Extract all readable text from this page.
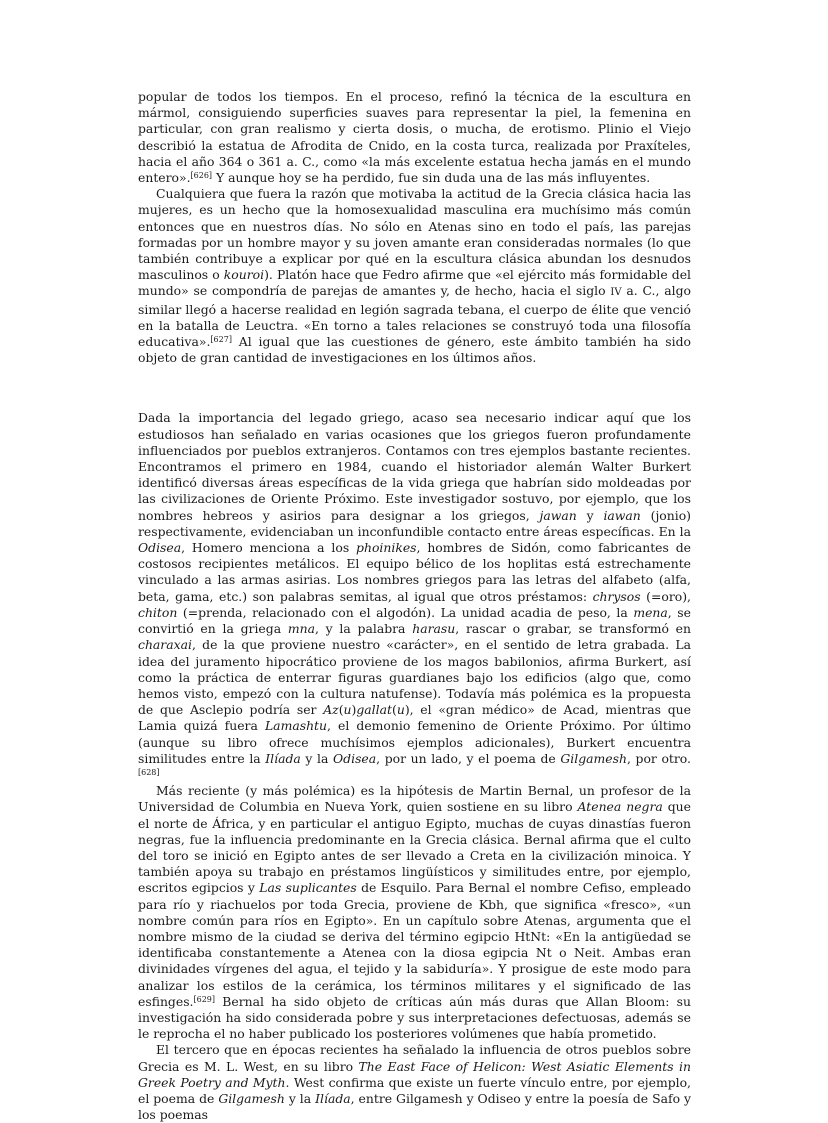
popular de todos los tiempos. En el proceso, refinó la técnica de la escultura en mármol, consiguiendo superficies suaves para representar la piel, la femenina en particular, con gran realismo y cierta dosis, o mucha, de erotismo. Plinio el Viejo describió la estatua de Afrodita de Cnido, en la costa turca, realizada por Praxíteles, hacia el año 364 o 361 a. C., como «la más excelente estatua hecha jamás en el mundo entero».[626] Y aunque hoy se ha perdido, fue sin duda una de las más influyentes.

Cualquiera que fuera la razón que motivaba la actitud de la Grecia clásica hacia las mujeres, es un hecho que la homosexualidad masculina era muchísimo más común entonces que en nuestros días. No sólo en Atenas sino en todo el país, las parejas formadas por un hombre mayor y su joven amante eran consideradas normales (lo que también contribuye a explicar por qué en la escultura clásica abundan los desnudos masculinos o kouroi). Platón hace que Fedro afirme que «el ejército más formidable del mundo» se compondría de parejas de amantes y, de hecho, hacia el siglo IV a. C., algo similar llegó a hacerse realidad en legión sagrada tebana, el cuerpo de élite que venció en la batalla de Leuctra. «En torno a tales relaciones se construyó toda una filosofía educativa».[627] Al igual que las cuestiones de género, este ámbito también ha sido objeto de gran cantidad de investigaciones en los últimos años.

Dada la importancia del legado griego, acaso sea necesario indicar aquí que los estudiosos han señalado en varias ocasiones que los griegos fueron profundamente influenciados por pueblos extranjeros. Contamos con tres ejemplos bastante recientes. Encontramos el primero en 1984, cuando el historiador alemán Walter Burkert identificó diversas áreas específicas de la vida griega que habrían sido moldeadas por las civilizaciones de Oriente Próximo. Este investigador sostuvo, por ejemplo, que los nombres hebreos y asirios para designar a los griegos, jawan y iawan (jonio) respectivamente, evidenciaban un inconfundible contacto entre áreas específicas. En la Odisea, Homero menciona a los phoinikes, hombres de Sidón, como fabricantes de costosos recipientes metálicos. El equipo bélico de los hoplitas está estrechamente vinculado a las armas asirias. Los nombres griegos para las letras del alfabeto (alfa, beta, gama, etc.) son palabras semitas, al igual que otros préstamos: chrysos (=oro), chiton (=prenda, relacionado con el algodón). La unidad acadia de peso, la mena, se convirtió en la griega mna, y la palabra harasu, rascar o grabar, se transformó en charaxai, de la que proviene nuestro «carácter», en el sentido de letra grabada. La idea del juramento hipocrático proviene de los magos babilonios, afirma Burkert, así como la práctica de enterrar figuras guardianes bajo los edificios (algo que, como hemos visto, empezó con la cultura natufense). Todavía más polémica es la propuesta de que Asclepio podría ser Az(u)gallat(u), el «gran médico» de Acad, mientras que Lamia quizá fuera Lamashtu, el demonio femenino de Oriente Próximo. Por último (aunque su libro ofrece muchísimos ejemplos adicionales), Burkert encuentra similitudes entre la Ilíada y la Odisea, por un lado, y el poema de Gilgamesh, por otro.[628]

Más reciente (y más polémica) es la hipótesis de Martin Bernal, un profesor de la Universidad de Columbia en Nueva York, quien sostiene en su libro Atenea negra que el norte de África, y en particular el antiguo Egipto, muchas de cuyas dinastías fueron negras, fue la influencia predominante en la Grecia clásica. Bernal afirma que el culto del toro se inició en Egipto antes de ser llevado a Creta en la civilización minoica. Y también apoya su trabajo en préstamos lingüísticos y similitudes entre, por ejemplo, escritos egipcios y Las suplicantes de Esquilo. Para Bernal el nombre Cefiso, empleado para río y riachuelos por toda Grecia, proviene de Kbh, que significa «fresco», «un nombre común para ríos en Egipto». En un capítulo sobre Atenas, argumenta que el nombre mismo de la ciudad se deriva del término egipcio HtNt: «En la antigüedad se identificaba constantemente a Atenea con la diosa egipcia Nt o Neit. Ambas eran divinidades vírgenes del agua, el tejido y la sabiduría». Y prosigue de este modo para analizar los estilos de la cerámica, los términos militares y el significado de las esfinges.[629] Bernal ha sido objeto de críticas aún más duras que Allan Bloom: su investigación ha sido considerada pobre y sus interpretaciones defectuosas, además se le reprocha el no haber publicado los posteriores volúmenes que había prometido.

El tercero que en épocas recientes ha señalado la influencia de otros pueblos sobre Grecia es M. L. West, en su libro The East Face of Helicon: West Asiatic Elements in Greek Poetry and Myth. West confirma que existe un fuerte vínculo entre, por ejemplo, el poema de Gilgamesh y la Ilíada, entre Gilgamesh y Odiseo y entre la poesía de Safo y los poemas
